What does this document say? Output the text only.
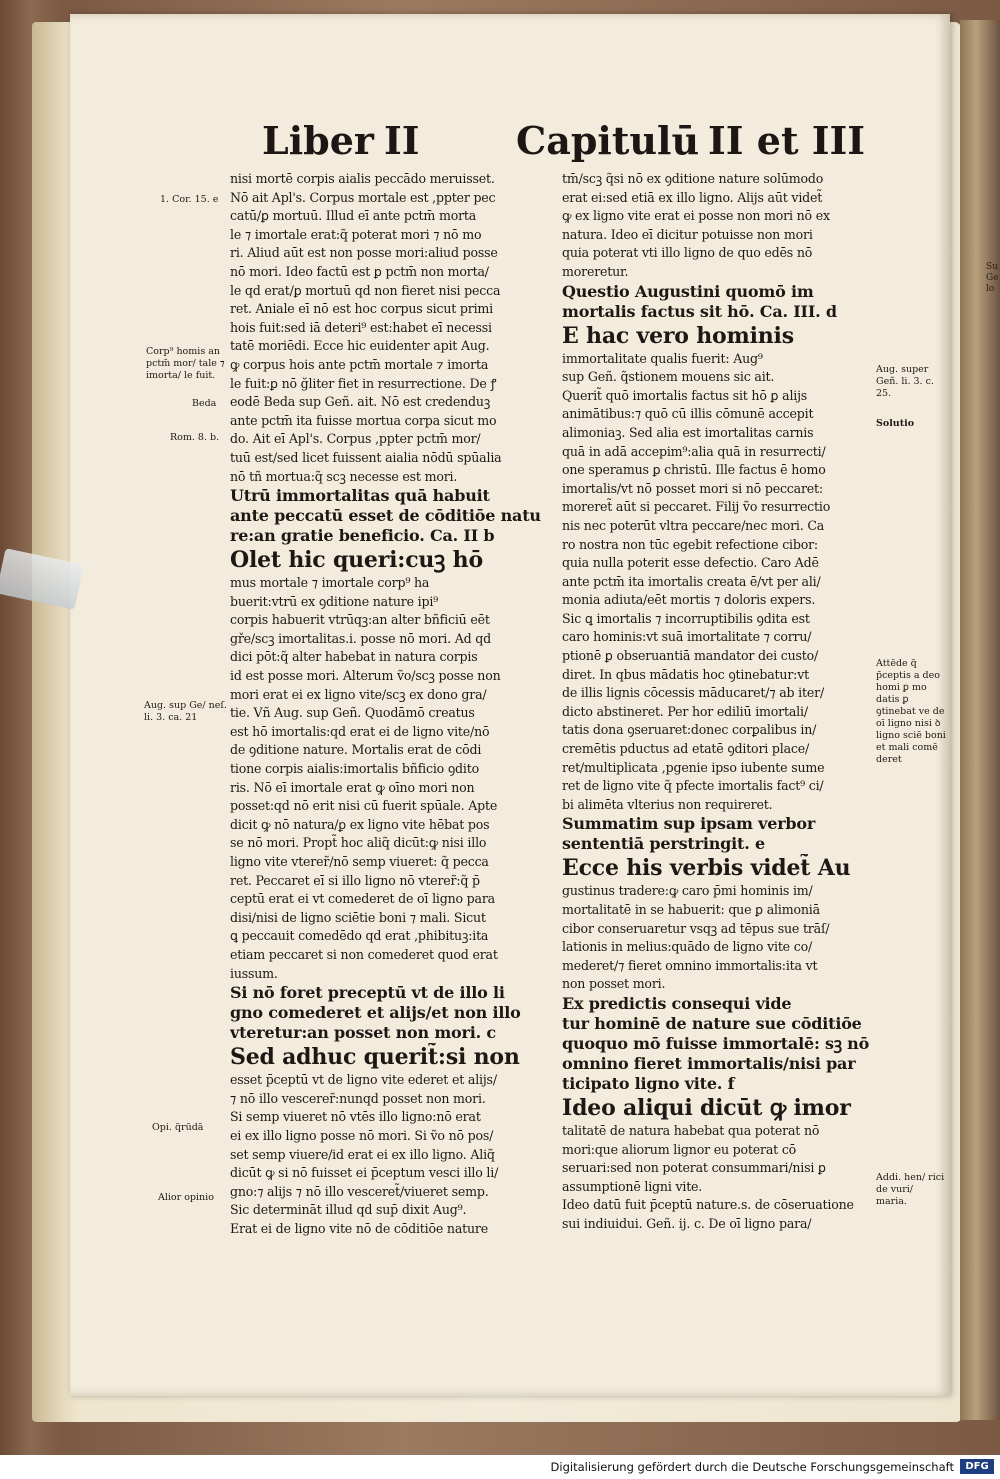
Su Gelo
Liber II	Capitulū II et III

nisi mortē corpis aialis peccādo meruisset.

Nō ait Apl's. Corpus mortale est ,ppter pec

catū/ꝑ mortuū. Illud eī ante pctm̄ morta

le ⁊ imortale erat:q̃ poterat mori ⁊ nō mo

ri. Aliud aūt est non posse mori:aliud posse

nō mori. Ideo factū est ꝑ pctm̄ non morta/

le qd erat/ꝑ mortuū qd non fieret nisi pecca

ret. Aniale eī nō est hoc corpus sicut primi

hois fuit:sed iā deteri⁹ est:habet eī necessi

tatē moriēdi. Ecce hic euidenter apit Aug.

ꝙ corpus hois ante pctm̄ mortale ⁊ imorta

le fuit:ꝑ nō ğliter fiet in resurrectione. De ꝭ

eodē Beda sup Geñ. ait. Nō est credenduꝫ

ante pctm̄ ita fuisse mortua corpa sicut mo

do. Ait eī Apl's. Corpus ,ppter pctm̄ mor/

tuū est/sed licet fuissent aialia nōdū spūalia

nō tñ mortua:q̃ scꝫ necesse est mori.

Utrū immortalitas quā habuit

ante peccatū esset de cōditiōe natu

re:an gratie beneficio. Ca. II b

Olet hic queri:cuꝫ hō

mus mortale ⁊ imortale corp⁹ ha

buerit:vtrū ex ꝯditione nature ipi⁹

corpis habuerit vtrūqꝫ:an alter bñficiū eēt

gře/scꝫ imortalitas.i. posse nō mori. Ad qd

dici pōt:q̃ alter habebat in natura corpis

id est posse mori. Alterum ṽo/scꝫ posse non

mori erat ei ex ligno vite/scꝫ ex dono gra/

tie. Vñ Aug. sup Geñ. Quodāmō creatus

est hō imortalis:qd erat ei de ligno vite/nō

de ꝯditione nature. Mortalis erat de cōdi

tione corpis aialis:imortalis bñficio ꝯdito

ris. Nō eī imortale erat ꝙ oīno mori non

posset:qd nō erit nisi cū fuerit spūale. Apte

dicit ꝙ nō natura/ꝑ ex ligno vite hēbat pos

se nō mori. Propt̃ hoc aliq̃ dicūt:ꝙ nisi illo

ligno vite vterer̃/nō semp viueret: q̃ pecca

ret. Peccaret eī si illo ligno nō vterer̃:q̃ p̄

ceptū erat ei vt comederet de oī ligno para

disi/nisi de ligno sciētie boni ⁊ mali. Sicut

ꝗ peccauit comedēdo qd erat ,phibituꝫ:ita

etiam peccaret si non comederet quod erat

iussum.

Si nō foret preceptū vt de illo li

gno comederet et alijs/et non illo

vteretur:an posset non mori. c

Sed adhuc querit̃:si non

esset p̄ceptū vt de ligno vite ederet et alijs/

⁊ nō illo vescerer̃:nunqd posset non mori.

Si semp viueret nō vtēs illo ligno:nō erat

ei ex illo ligno posse nō mori. Si ṽo nō pos/

set semp viuere/id erat ei ex illo ligno. Aliq̃

dicūt ꝙ si nō fuisset ei p̄ceptum vesci illo li/

gno:⁊ alijs ⁊ nō illo vesceret̃/viueret semp.

Sic determināt illud qd sup̄ dixit Aug⁹.

Erat ei de ligno vite nō de cōditiōe nature

tm̄/scꝫ q̃si nō ex ꝯditione nature solūmodo

erat ei:sed etiā ex illo ligno. Alijs aūt videt̃

ꝙ ex ligno vite erat ei posse non mori nō ex

natura. Ideo eī dicitur potuisse non mori

quia poterat vti illo ligno de quo edēs nō

moreretur.

Questio Augustini quomō im

mortalis factus sit hō. Ca. III. d

E hac vero hominis

immortalitate qualis fuerit: Aug⁹

sup Geñ. q̃stionem mouens sic ait.

Querit̃ quō imortalis factus sit hō ꝑ alijs

animātibus:⁊ quō cū illis cōmunē accepit

alimoniaꝫ. Sed alia est imortalitas carnis

quā in adā accepim⁹:alia quā in resurrecti/

one speramus ꝑ christū. Ille factus ē homo

imortalis/vt nō posset mori si nō peccaret:

moreret̃ aūt si peccaret. Filij ṽo resurrectio

nis nec poterūt vltra peccare/nec mori. Ca

ro nostra non tūc egebit refectione cibor:

quia nulla poterit esse defectio. Caro Adē

ante pctm̄ ita imortalis creata ē/vt per ali/

monia adiuta/eēt mortis ⁊ doloris expers.

Sic ꝗ imortalis ⁊ incorruptibilis ꝯdita est

caro hominis:vt suā imortalitate ⁊ corru/

ptionē ꝑ obseruantiā mandator dei custo/

diret. In qbus mādatis hoc ꝯtinebatur:vt

de illis lignis cōcessis māducaret/⁊ ab iter/

dicto abstineret. Per hor ediliū imortali/

tatis dona ꝯseruaret:donec corꝑalibus in/

cremētis pductus ad etatē ꝯditori place/

ret/multiplicata ,pgenie ipso iubente sume

ret de ligno vite q̃ pfecte imortalis fact⁹ ci/

bi alimēta vlterius non requireret.

Summatim sup ipsam verbor

sententiā perstringit. e

Ecce his verbis videt̃ Au

gustinus tradere:ꝙ caro p̄mi hominis im/

mortalitatē in se habuerit: que ꝑ alimoniā

cibor conseruaretur vsqꝫ ad tēpus sue trāſ/

lationis in melius:quādo de ligno vite co/

mederet/⁊ fieret omnino immortalis:ita vt

non posset mori.

Ex predictis consequi vide

tur hominē de nature sue cōditiōe

quoquo mō fuisse immortalē: sꝫ nō

omnino fieret immortalis/nisi par

ticipato ligno vite. f

Ideo aliqui dicūt ꝙ imor

talitatē de natura habebat qua poterat nō

mori:que aliorum lignor eu poterat cō

seruari:sed non poterat consummari/nisi ꝑ

assumptionē ligni vite.

Ideo datū fuit p̄ceptū nature.s. de cōseruatione

sui indiuidui. Geñ. ij. c. De oī ligno para/

1. Cor. 15. e
Corp⁹ homis an pctm̄ mor/ tale ⁊ imorta/ le fuit.
Beda
Rom. 8. b.
Aug. sup Ge/ neſ. li. 3. ca. 21
Opi. q̃rūdā
Alior opinio
Aug. super Geñ. li. 3. c. 25.
Solutio
Attēde q̃ p̄ceptis a deo homi ꝑ mo datis ꝑ ꝯtinebat ve de oī ligno nisi ꝺ ligno sciē boni et mali comē deret
Addi. hen/ rici de vuri/ maria.
Digitalisierung gefördert durch die Deutsche Forschungsgemeinschaft	DFG
